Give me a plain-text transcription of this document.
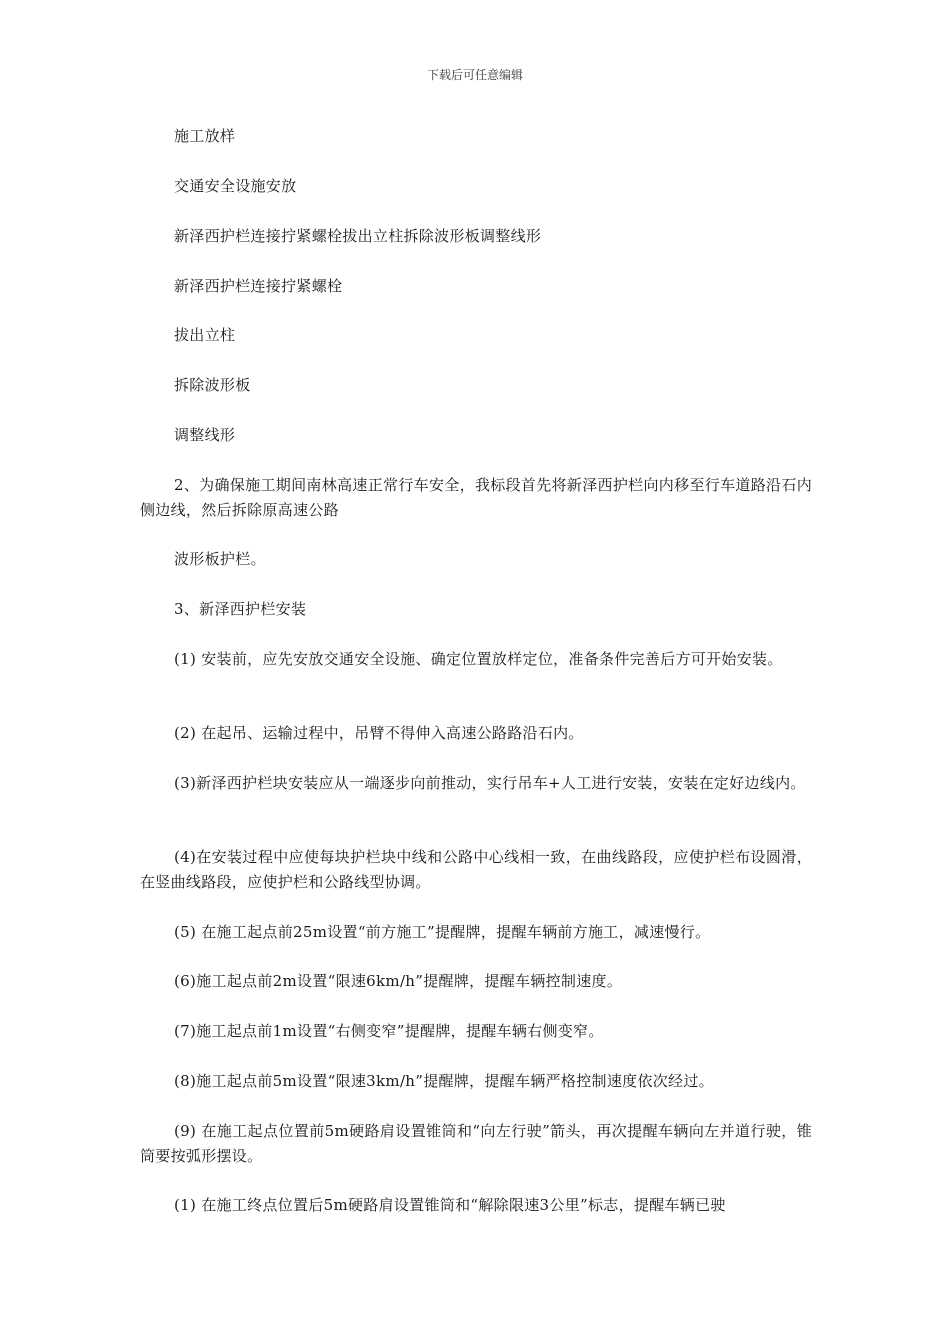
下载后可任意编辑

施工放样

交通安全设施安放

新泽西护栏连接拧紧螺栓拔出立柱拆除波形板调整线形

新泽西护栏连接拧紧螺栓

拔出立柱

拆除波形板

调整线形

2、为确保施工期间南林高速正常行车安全，我标段首先将新泽西护栏向内移至行车道路沿石内侧边线，然后拆除原高速公路

波形板护栏。

3、新泽西护栏安装

(1) 安装前，应先安放交通安全设施、确定位置放样定位，准备条件完善后方可开始安装。

(2) 在起吊、运输过程中，吊臂不得伸入高速公路路沿石内。

(3)新泽西护栏块安装应从一端逐步向前推动，实行吊车+人工进行安装，安装在定好边线内。

(4)在安装过程中应使每块护栏块中线和公路中心线相一致，在曲线路段，应使护栏布设圆滑，在竖曲线路段，应使护栏和公路线型协调。

(5) 在施工起点前25m设置“前方施工”提醒牌，提醒车辆前方施工，减速慢行。

(6)施工起点前2m设置“限速6km/h”提醒牌，提醒车辆控制速度。

(7)施工起点前1m设置“右侧变窄”提醒牌，提醒车辆右侧变窄。

(8)施工起点前5m设置“限速3km/h”提醒牌，提醒车辆严格控制速度依次经过。

(9) 在施工起点位置前5m硬路肩设置锥筒和“向左行驶”箭头，再次提醒车辆向左并道行驶，锥筒要按弧形摆设。

(1) 在施工终点位置后5m硬路肩设置锥筒和“解除限速3公里”标志，提醒车辆已驶
